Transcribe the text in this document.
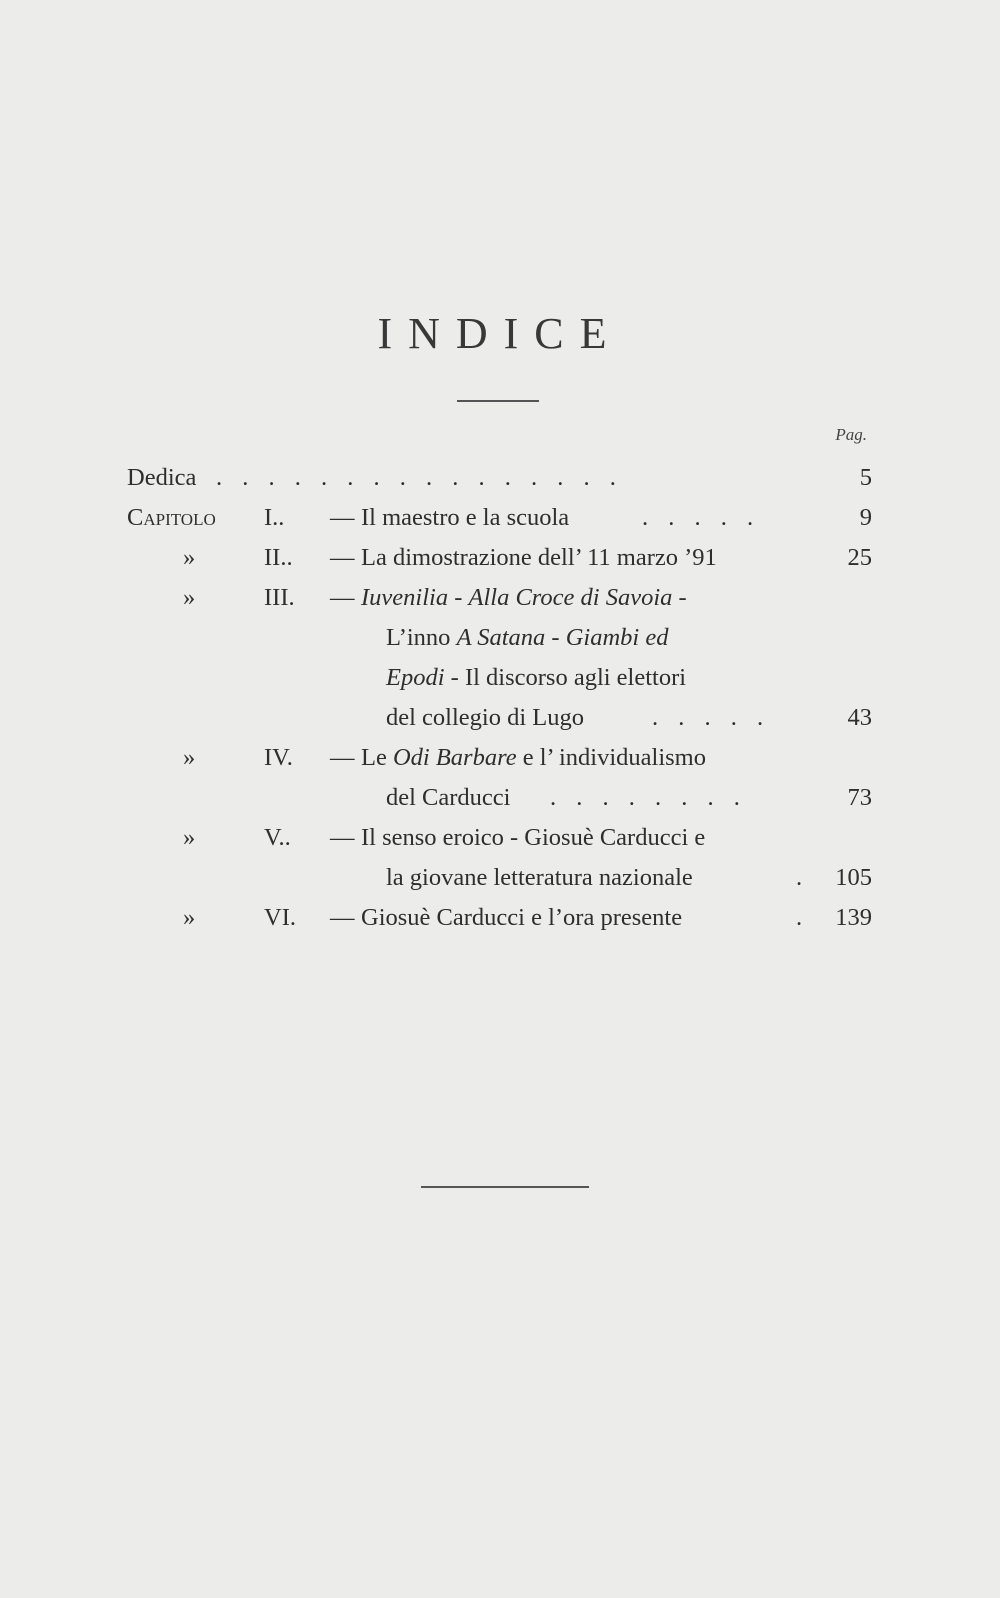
INDICE
Pag.
Dedica . . . . . . . . . . . . . . . .	5
Capitolo I.. — Il maestro e la scuola	. . . . .	9
»	II.. — La dimostrazione dell’ 11 marzo ’91	25
»	III. — Iuvenilia - Alla Croce di Savoia -
L’inno A Satana - Giambi ed
Epodi - Il discorso agli elettori
del collegio di Lugo	. . . . .	43
»	IV. — Le Odi Barbare e l’ individualismo
del Carducci . . . . . . . .	73
»	V.. — Il senso eroico - Giosuè Carducci e
la giovane letteratura nazionale	. 105
»	VI. — Giosuè Carducci e l’ora presente	. 139
